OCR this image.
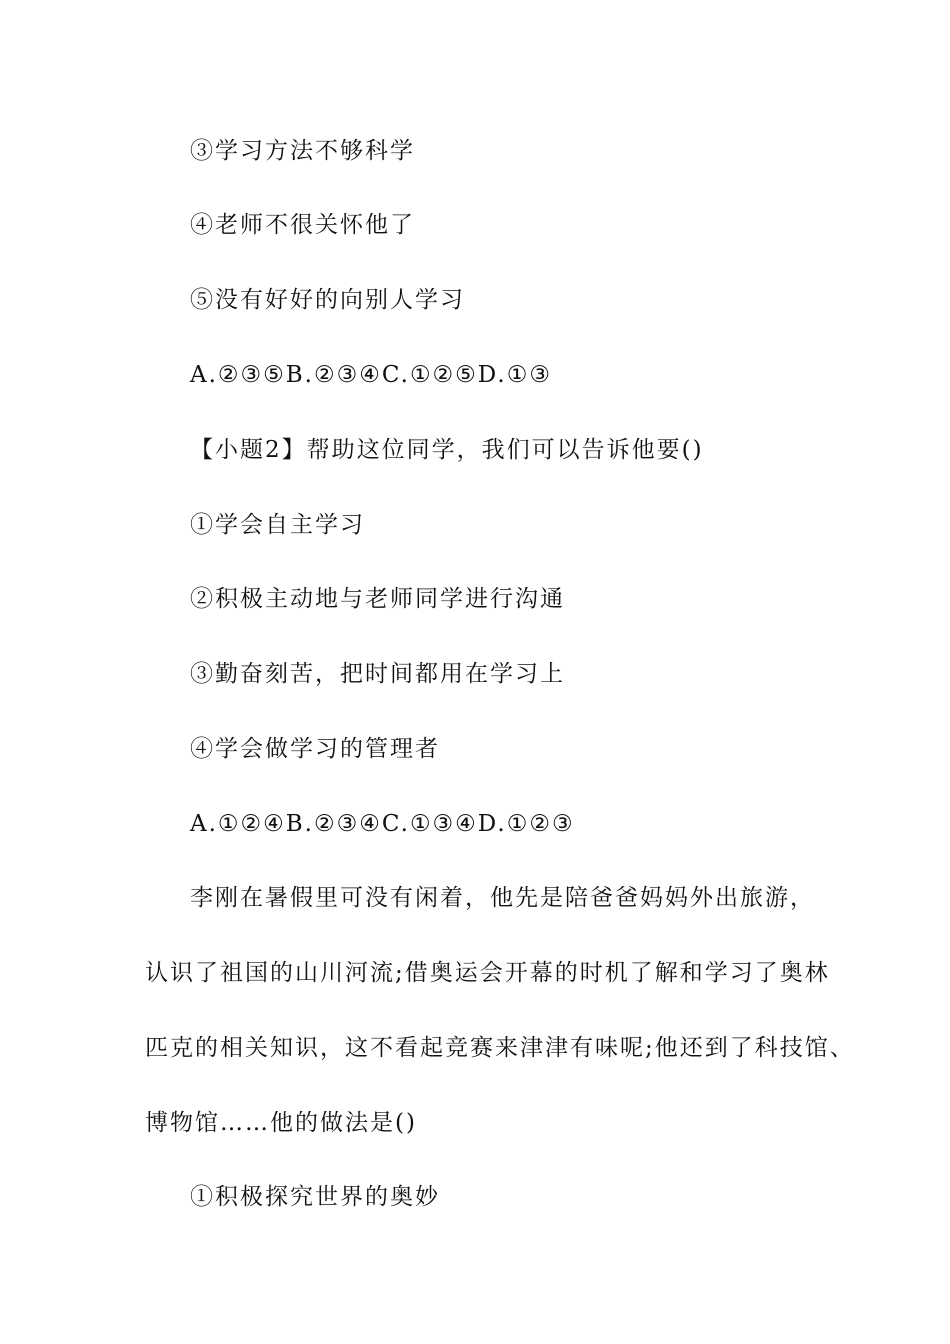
③学习方法不够科学
④老师不很关怀他了
⑤没有好好的向别人学习
A.②③⑤B.②③④C.①②⑤D.①③
【小题2】帮助这位同学，我们可以告诉他要()
①学会自主学习
②积极主动地与老师同学进行沟通
③勤奋刻苦，把时间都用在学习上
④学会做学习的管理者
A.①②④B.②③④C.①③④D.①②③
李刚在暑假里可没有闲着，他先是陪爸爸妈妈外出旅游，
认识了祖国的山川河流;借奥运会开幕的时机了解和学习了奥林
匹克的相关知识，这不看起竞赛来津津有味呢;他还到了科技馆、
博物馆……他的做法是()
①积极探究世界的奥妙
